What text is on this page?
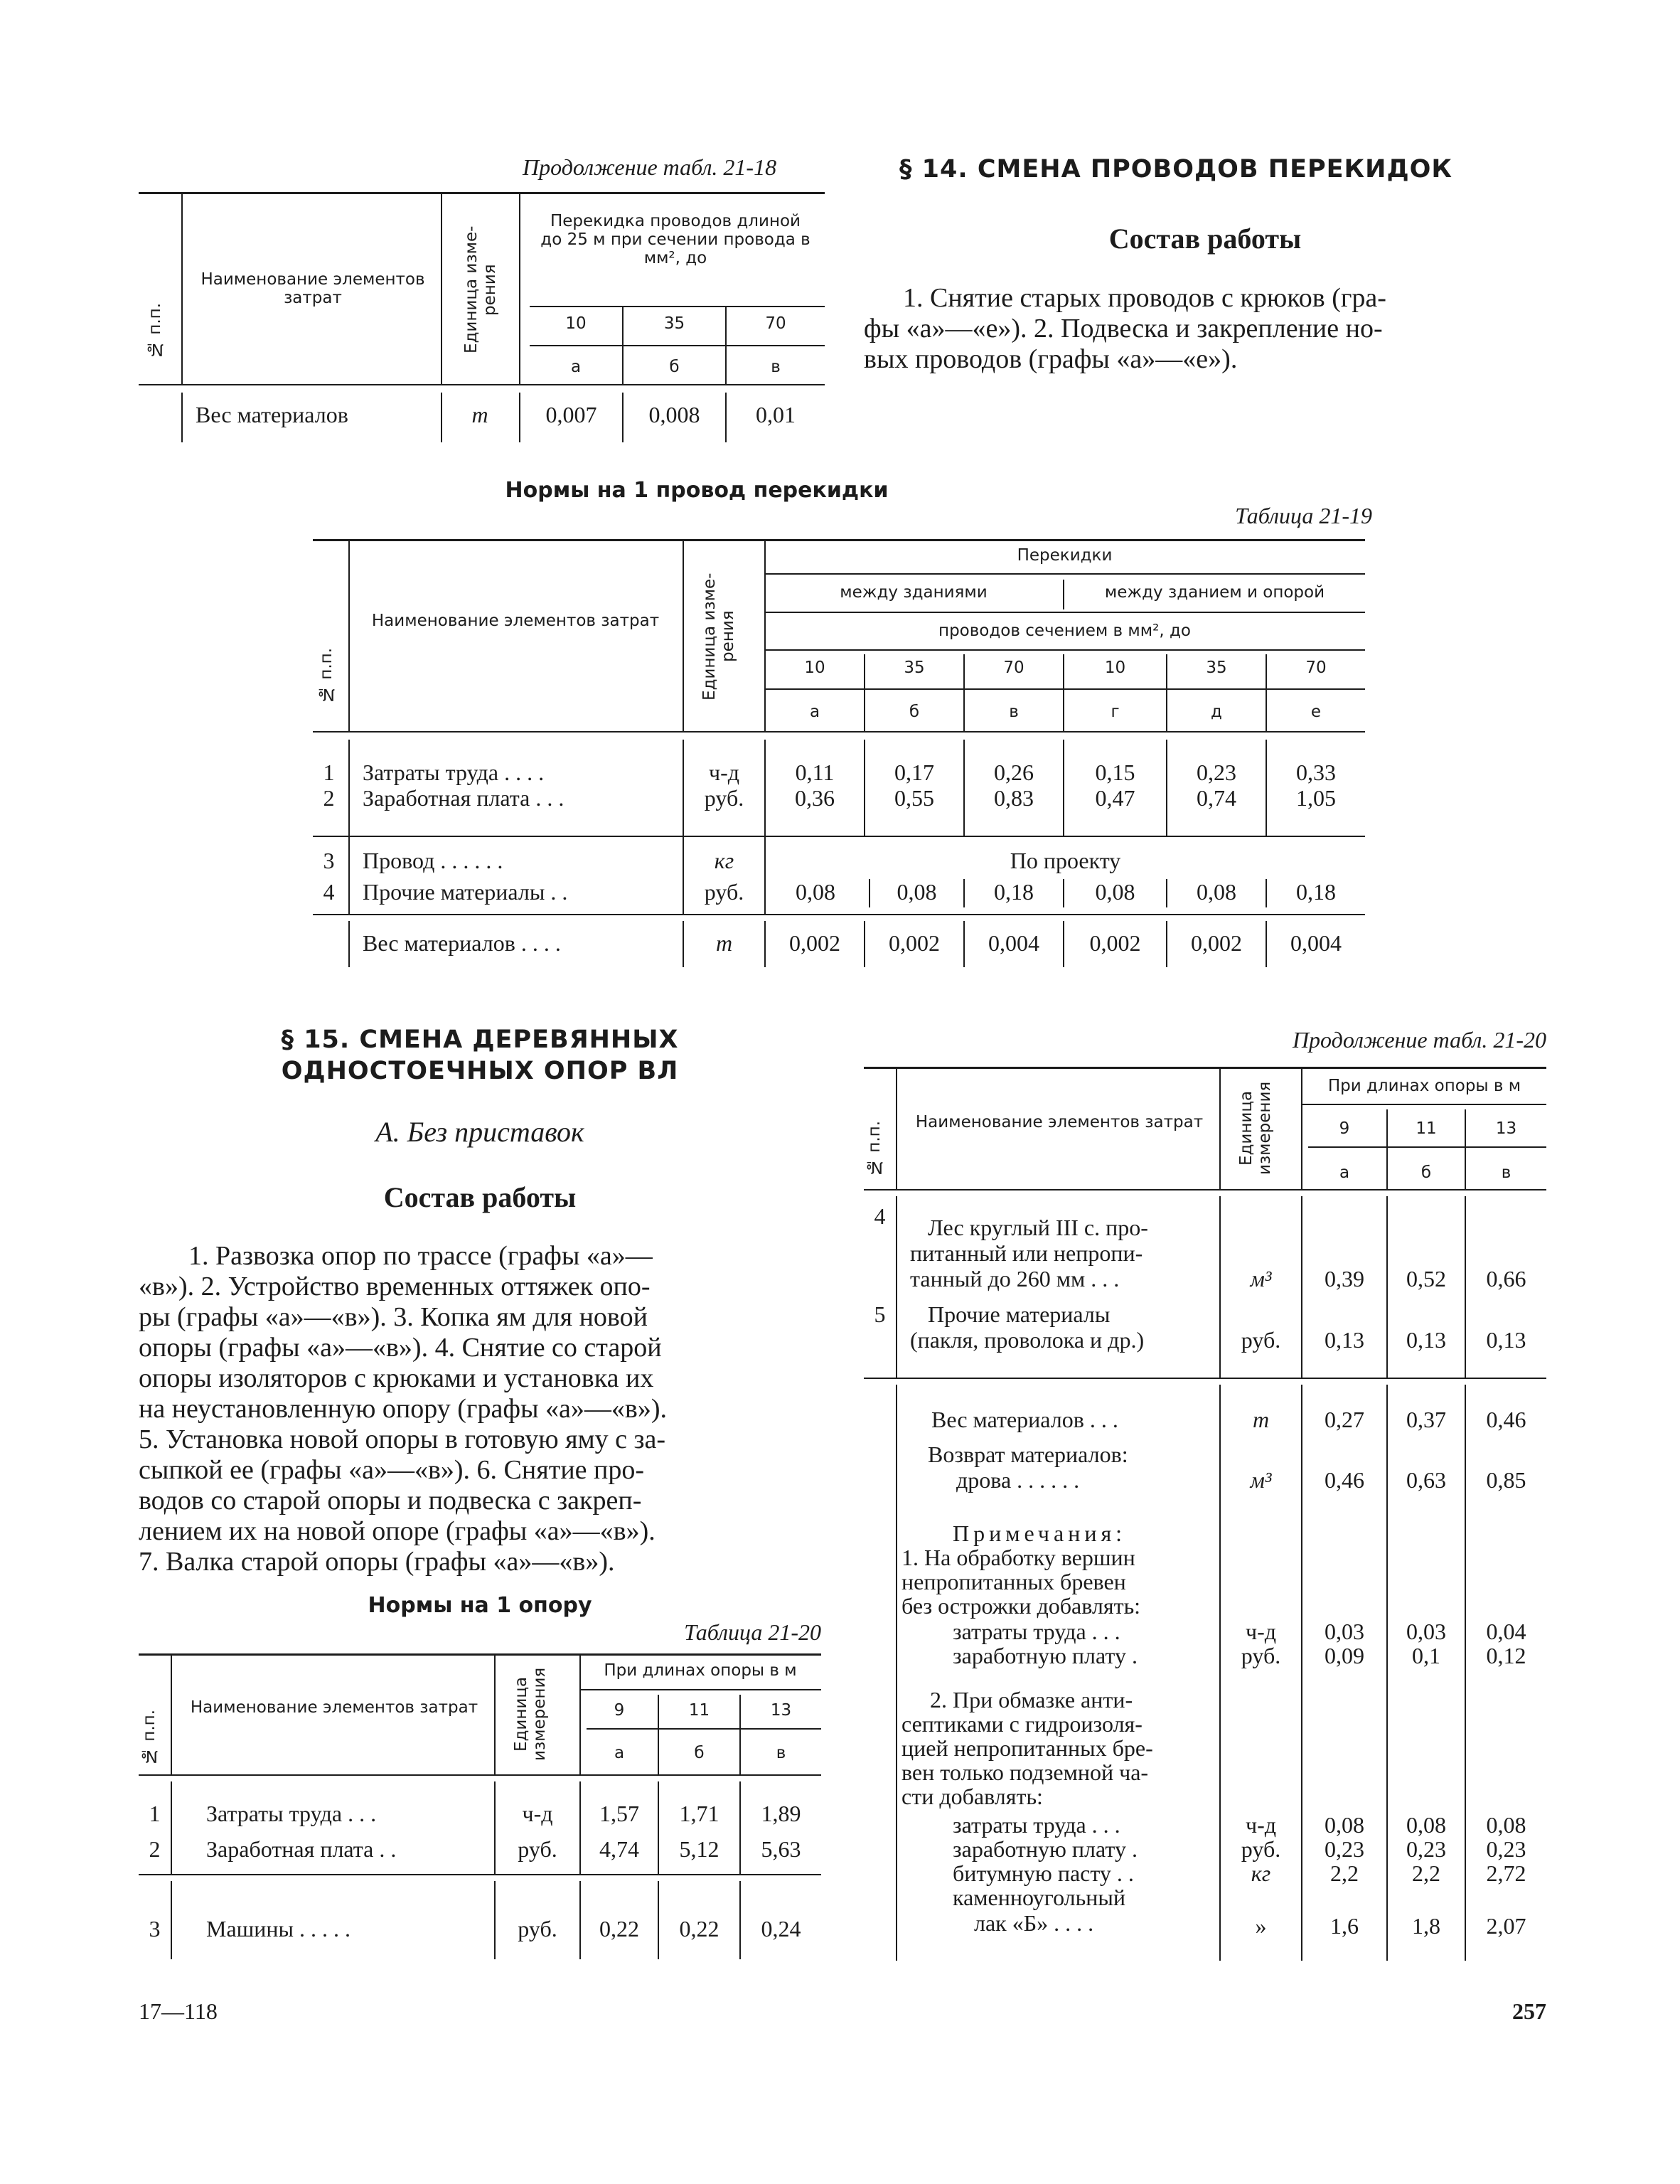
Продолжение табл. 21-18
№ п.п.
Наименование элементов затрат	Единица изме-рения
Перекидка проводов длиной до 25 м при сечении провода в мм², до
10	35	70
а	б	в
Вес материалов	т	0,007	0,008	0,01
§ 14. СМЕНА ПРОВОДОВ ПЕРЕКИДОК
Состав работы
1. Снятие старых проводов с крюков (гра-
фы «а»—«е»). 2. Подвеска и закрепление но-
вых проводов (графы «а»—«е»).
Нормы на 1 провод перекидки
Таблица 21-19
№ п.п.
Наименование элементов затрат	Единица изме-рения
Перекидки
между зданиями	между зданием и опорой
проводов сечением в мм², до
10	35	70	10	35	70
а	б	в	г	д	е
1	Затраты труда . . . .	ч-д	0,11	0,17	0,26	0,15	0,23	0,33
2	Заработная плата . . .	руб.	0,36	0,55	0,83	0,47	0,74	1,05
3	Провод . . . . . .	кг	По проекту
4	Прочие материалы . .	руб.	0,08	0,08	0,18	0,08	0,08	0,18
Вес материалов . . . .	т	0,002	0,002	0,004	0,002	0,002	0,004
§ 15. СМЕНА ДЕРЕВЯННЫХ
ОДНОСТОЕЧНЫХ ОПОР ВЛ
А. Без приставок
Состав работы
1. Развозка опор по трассе (графы «а»—
«в»). 2. Устройство временных оттяжек опо-
ры (графы «а»—«в»). 3. Копка ям для новой
опоры (графы «а»—«в»). 4. Снятие со старой
опоры изоляторов с крюками и установка их
на неустановленную опору (графы «а»—«в»).
5. Установка новой опоры в готовую яму с за-
сыпкой ее (графы «а»—«в»). 6. Снятие про-
водов со старой опоры и подвеска с закреп-
лением их на новой опоре (графы «а»—«в»).
7. Валка старой опоры (графы «а»—«в»).
Нормы на 1 опору
Таблица 21-20
№ п.п.
Наименование элементов затрат	Единица измерения	При длинах опоры в м
9	11	13
а	б	в
1	Затраты труда . . .	ч-д	1,57	1,71	1,89
2	Заработная плата . .	руб.	4,74	5,12	5,63
3	Машины . . . . .	руб.	0,22	0,22	0,24
Продолжение табл. 21-20
№ п.п.	Наименование элементов затрат	Единица измерения	При длинах опоры в м
9	11	13
а	б	в
4	Лес круглый III с. про-
питанный или непропи-
танный до 260 мм . . .	м³	0,39	0,52	0,66
5	Прочие материалы
(пакля, проволока и др.)	руб.	0,13	0,13	0,13
Вес материалов . . .	т	0,27	0,37	0,46
Возврат материалов:
дрова . . . . . .	м³	0,46	0,63	0,85
Примечания:
1. На обработку вершин
непропитанных бревен
без острожки добавлять:
затраты труда . . .	ч-д	0,03	0,03	0,04
заработную плату .	руб.	0,09	0,1	0,12
2. При обмазке анти-
септиками с гидроизоля-
цией непропитанных бре-
вен только подземной ча-
сти добавлять:
затраты труда . . .	ч-д	0,08	0,08	0,08
заработную плату .	руб.	0,23	0,23	0,23
битумную пасту . .	кг	2,2	2,2	2,72
каменноугольный
лак «Б» . . . .	»	1,6	1,8	2,07
17—118	257
